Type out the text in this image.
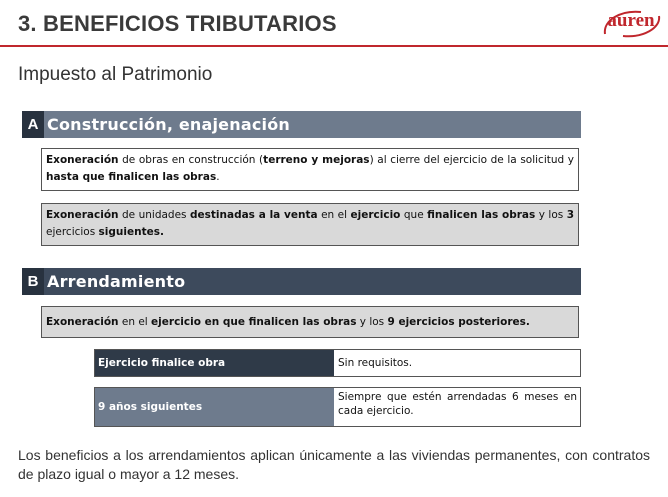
3. BENEFICIOS TRIBUTARIOS	auren
Impuesto al Patrimonio
A Construcción, enajenación
Exoneración de obras en construcción (terreno y mejoras) al cierre del ejercicio de la solicitud y hasta que finalicen las obras.
Exoneración de unidades destinadas a la venta en el ejercicio que finalicen las obras y los 3 ejercicios siguientes.
B Arrendamiento
Exoneración en el ejercicio en que finalicen las obras y los 9 ejercicios posteriores.
Ejercicio finalice obra	Sin requisitos.
9 años siguientes
Siempre que estén arrendadas 6 meses en cada ejercicio.
Los beneficios a los arrendamientos aplican únicamente a las viviendas permanentes, con contratos de plazo igual o mayor a 12 meses.
